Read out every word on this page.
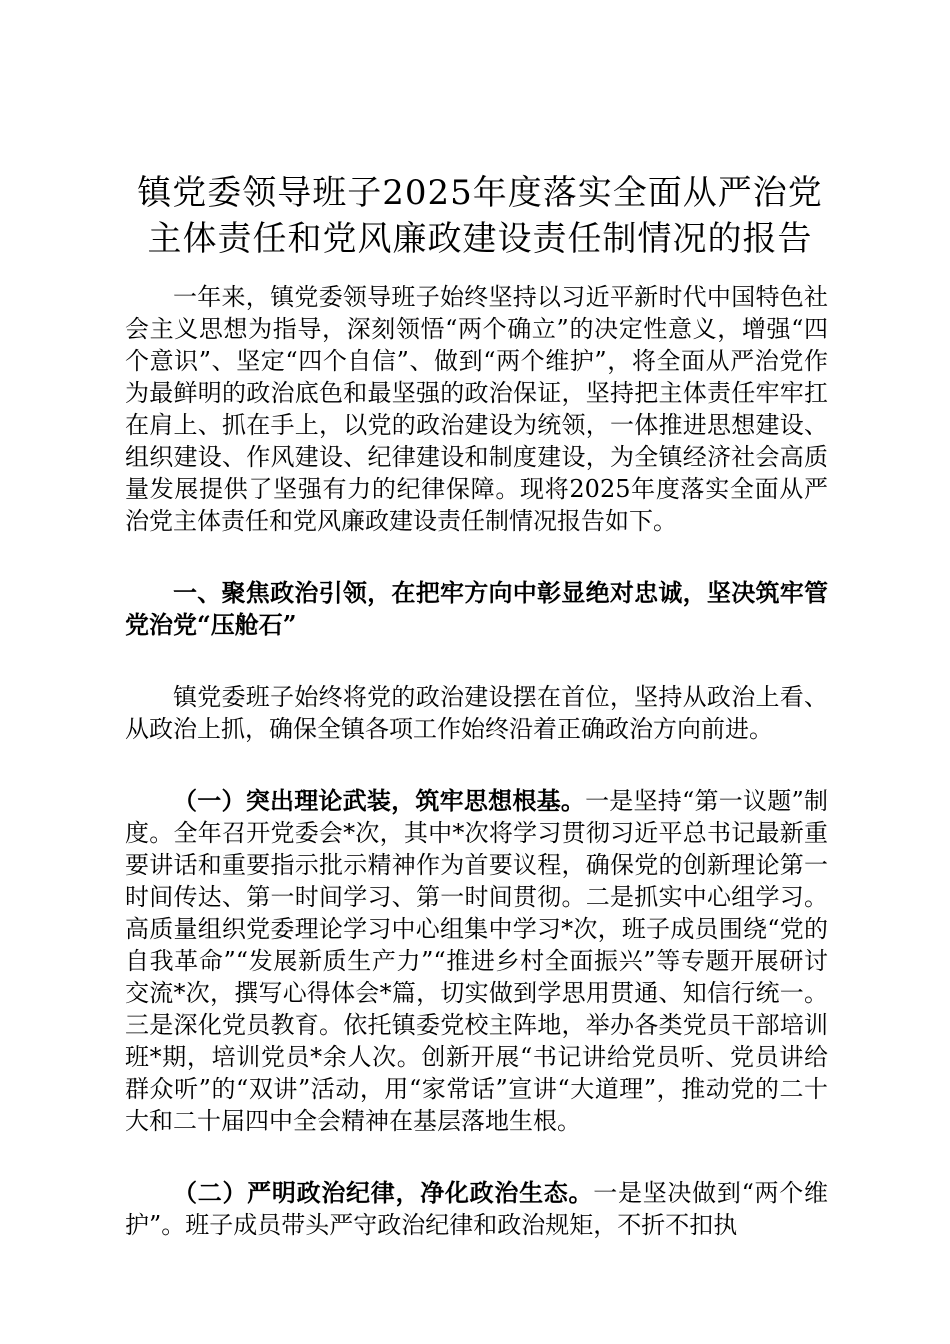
镇党委领导班子2025年度落实全面从严治党
主体责任和党风廉政建设责任制情况的报告

一年来，镇党委领导班子始终坚持以习近平新时代中国特色社会主义思想为指导，深刻领悟“两个确立”的决定性意义，增强“四个意识”、坚定“四个自信”、做到“两个维护”，将全面从严治党作为最鲜明的政治底色和最坚强的政治保证，坚持把主体责任牢牢扛在肩上、抓在手上，以党的政治建设为统领，一体推进思想建设、组织建设、作风建设、纪律建设和制度建设，为全镇经济社会高质量发展提供了坚强有力的纪律保障。现将2025年度落实全面从严治党主体责任和党风廉政建设责任制情况报告如下。

一、聚焦政治引领，在把牢方向中彰显绝对忠诚，坚决筑牢管党治党“压舱石”

镇党委班子始终将党的政治建设摆在首位，坚持从政治上看、从政治上抓，确保全镇各项工作始终沿着正确政治方向前进。

（一）突出理论武装，筑牢思想根基。一是坚持“第一议题”制度。全年召开党委会*次，其中*次将学习贯彻习近平总书记最新重要讲话和重要指示批示精神作为首要议程，确保党的创新理论第一时间传达、第一时间学习、第一时间贯彻。二是抓实中心组学习。高质量组织党委理论学习中心组集中学习*次，班子成员围绕“党的自我革命”“发展新质生产力”“推进乡村全面振兴”等专题开展研讨交流*次，撰写心得体会*篇，切实做到学思用贯通、知信行统一。三是深化党员教育。依托镇委党校主阵地，举办各类党员干部培训班*期，培训党员*余人次。创新开展“书记讲给党员听、党员讲给群众听”的“双讲”活动，用“家常话”宣讲“大道理”，推动党的二十大和二十届四中全会精神在基层落地生根。

（二）严明政治纪律，净化政治生态。一是坚决做到“两个维护”。班子成员带头严守政治纪律和政治规矩，不折不扣执
